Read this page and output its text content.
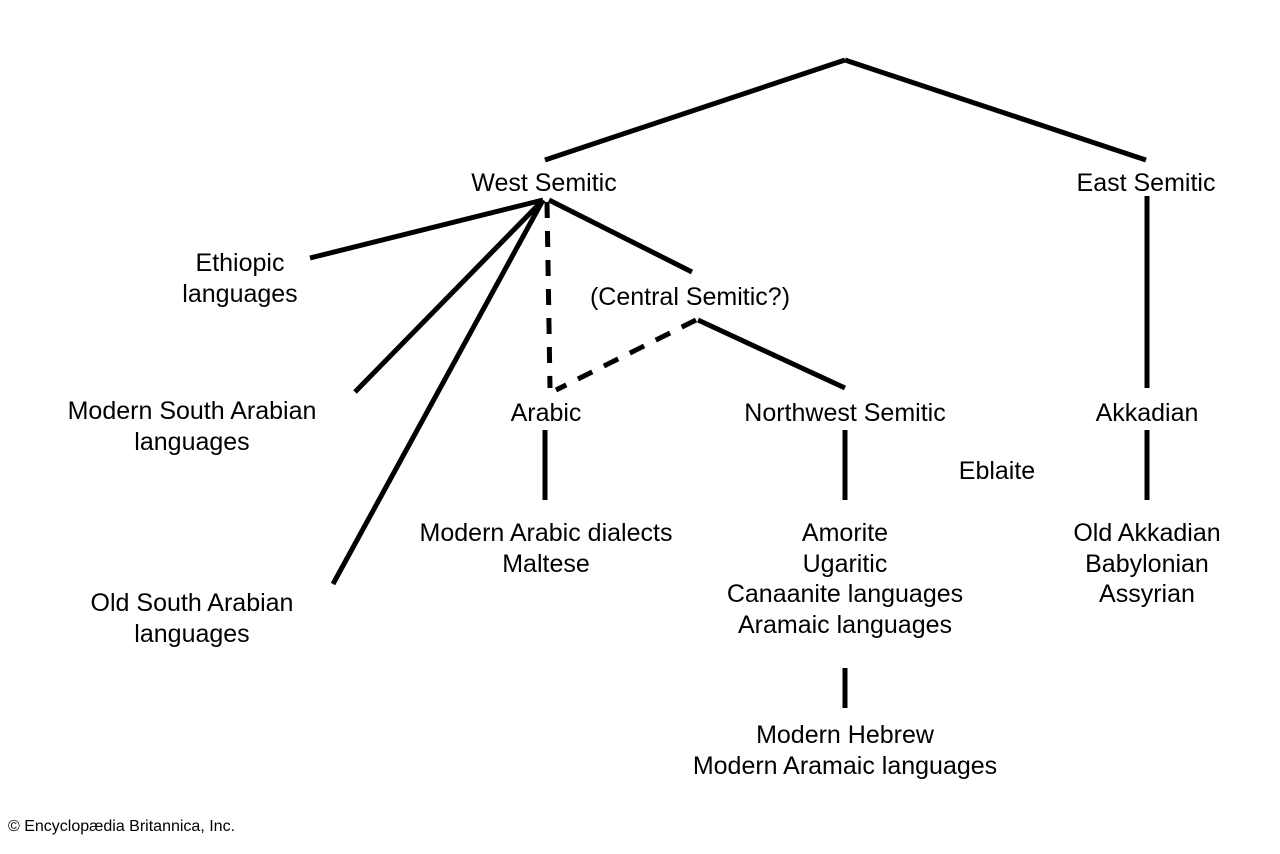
West Semitic	East Semitic
Ethiopic
languages	(Central Semitic?)
Modern South Arabian
languages
Arabic	Northwest Semitic	Akkadian
Eblaite
Old South Arabian
languages
Modern Arabic dialects
Maltese
Amorite
Ugaritic
Canaanite languages
Aramaic languages
Old Akkadian
Babylonian
Assyrian
Modern Hebrew
Modern Aramaic languages
© Encyclopædia Britannica, Inc.
